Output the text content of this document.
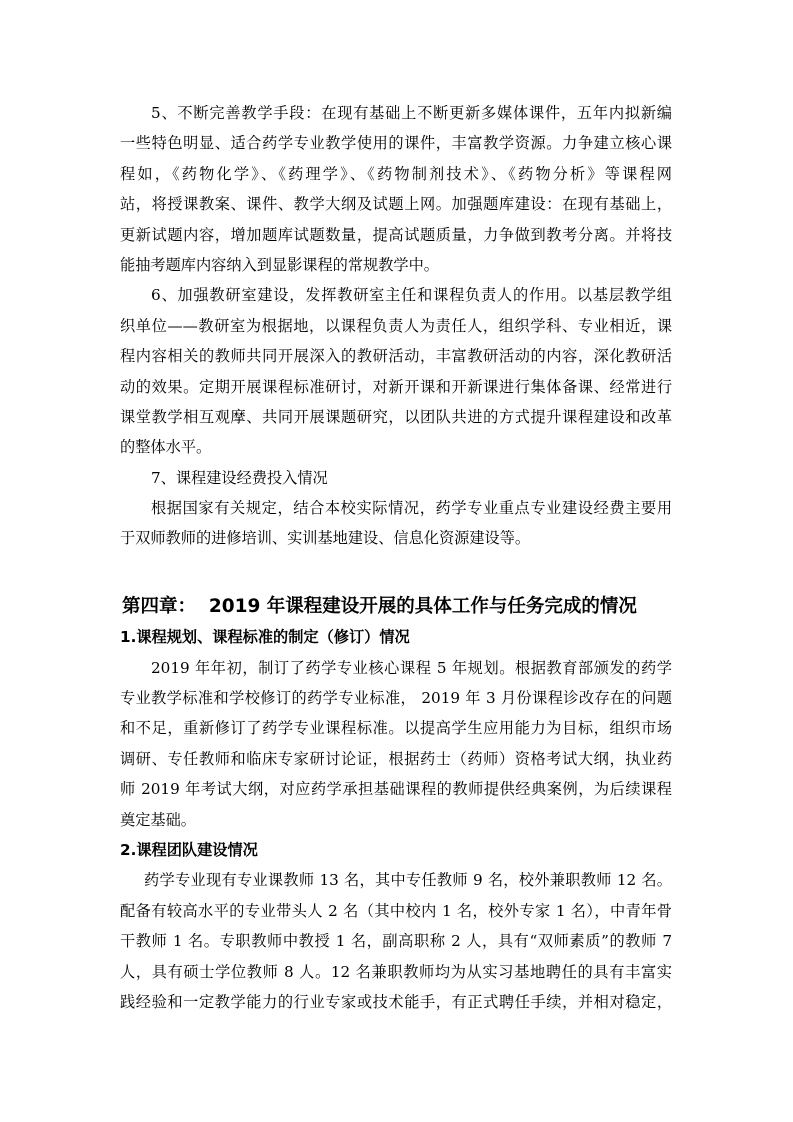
5、不断完善教学手段：在现有基础上不断更新多媒体课件，五年内拟新编
一些特色明显、适合药学专业教学使用的课件，丰富教学资源。力争建立核心课
程如，《药物化学》、《药理学》、《药物制剂技术》、《药物分析》等课程网
站，将授课教案、课件、教学大纲及试题上网。加强题库建设：在现有基础上，
更新试题内容，增加题库试题数量，提高试题质量，力争做到教考分离。并将技
能抽考题库内容纳入到显影课程的常规教学中。
6、加强教研室建设，发挥教研室主任和课程负责人的作用。以基层教学组
织单位——教研室为根据地，以课程负责人为责任人，组织学科、专业相近，课
程内容相关的教师共同开展深入的教研活动，丰富教研活动的内容，深化教研活
动的效果。定期开展课程标准研讨，对新开课和开新课进行集体备课、经常进行
课堂教学相互观摩、共同开展课题研究，以团队共进的方式提升课程建设和改革
的整体水平。
7、课程建设经费投入情况
根据国家有关规定，结合本校实际情况，药学专业重点专业建设经费主要用
于双师教师的进修培训、实训基地建设、信息化资源建设等。
第四章：  2019 年课程建设开展的具体工作与任务完成的情况
1.课程规划、课程标准的制定（修订）情况
2019 年年初，制订了药学专业核心课程 5 年规划。根据教育部颁发的药学
专业教学标准和学校修订的药学专业标准， 2019 年 3 月份课程诊改存在的问题
和不足，重新修订了药学专业课程标准。以提高学生应用能力为目标，组织市场
调研、专任教师和临床专家研讨论证，根据药士（药师）资格考试大纲，执业药
师 2019 年考试大纲，对应药学承担基础课程的教师提供经典案例，为后续课程
奠定基础。
2.课程团队建设情况
药学专业现有专业课教师 13 名，其中专任教师 9 名，校外兼职教师 12 名。
配备有较高水平的专业带头人 2 名（其中校内 1 名，校外专家 1 名），中青年骨
干教师 1 名。专职教师中教授 1 名，副高职称 2 人，具有“双师素质”的教师 7
人，具有硕士学位教师 8 人。12 名兼职教师均为从实习基地聘任的具有丰富实
践经验和一定教学能力的行业专家或技术能手，有正式聘任手续，并相对稳定，
